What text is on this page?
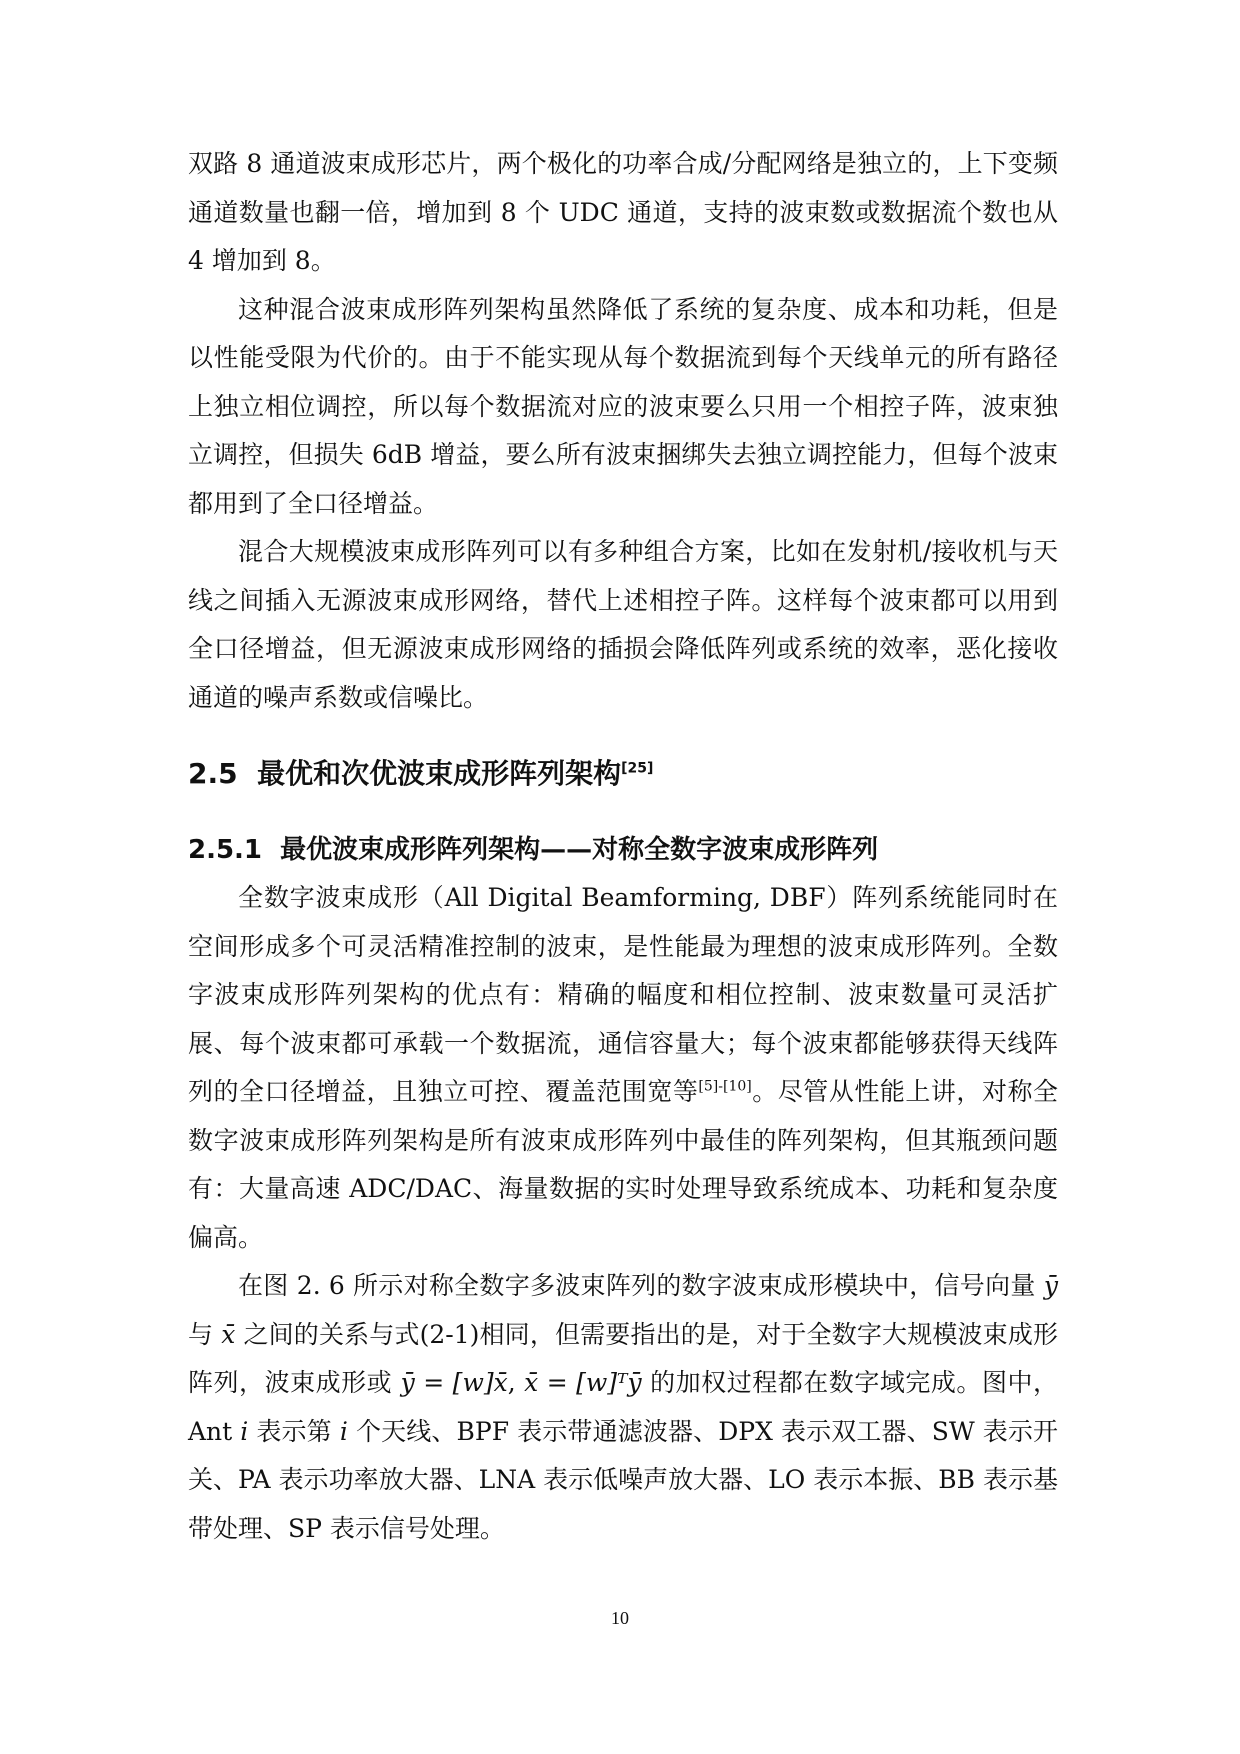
双路 8 通道波束成形芯片，两个极化的功率合成/分配网络是独立的，上下变频通道数量也翻一倍，增加到 8 个 UDC 通道，支持的波束数或数据流个数也从 4 增加到 8。

这种混合波束成形阵列架构虽然降低了系统的复杂度、成本和功耗，但是以性能受限为代价的。由于不能实现从每个数据流到每个天线单元的所有路径上独立相位调控，所以每个数据流对应的波束要么只用一个相控子阵，波束独立调控，但损失 6dB 增益，要么所有波束捆绑失去独立调控能力，但每个波束都用到了全口径增益。

混合大规模波束成形阵列可以有多种组合方案，比如在发射机/接收机与天线之间插入无源波束成形网络，替代上述相控子阵。这样每个波束都可以用到全口径增益，但无源波束成形网络的插损会降低阵列或系统的效率，恶化接收通道的噪声系数或信噪比。

2.5 最优和次优波束成形阵列架构[25]
2.5.1 最优波束成形阵列架构——对称全数字波束成形阵列

全数字波束成形（All Digital Beamforming, DBF）阵列系统能同时在空间形成多个可灵活精准控制的波束，是性能最为理想的波束成形阵列。全数字波束成形阵列架构的优点有：精确的幅度和相位控制、波束数量可灵活扩展、每个波束都可承载一个数据流，通信容量大；每个波束都能够获得天线阵列的全口径增益，且独立可控、覆盖范围宽等[5]-[10]。尽管从性能上讲，对称全数字波束成形阵列架构是所有波束成形阵列中最佳的阵列架构，但其瓶颈问题有：大量高速 ADC/DAC、海量数据的实时处理导致系统成本、功耗和复杂度偏高。

在图 2. 6 所示对称全数字多波束阵列的数字波束成形模块中，信号向量 ȳ 与 x̄ 之间的关系与式(2-1)相同，但需要指出的是，对于全数字大规模波束成形阵列，波束成形或 ȳ = [w]x̄, x̄ = [w]ᵀȳ 的加权过程都在数字域完成。图中，Ant i 表示第 i 个天线、BPF 表示带通滤波器、DPX 表示双工器、SW 表示开关、PA 表示功率放大器、LNA 表示低噪声放大器、LO 表示本振、BB 表示基带处理、SP 表示信号处理。

10
